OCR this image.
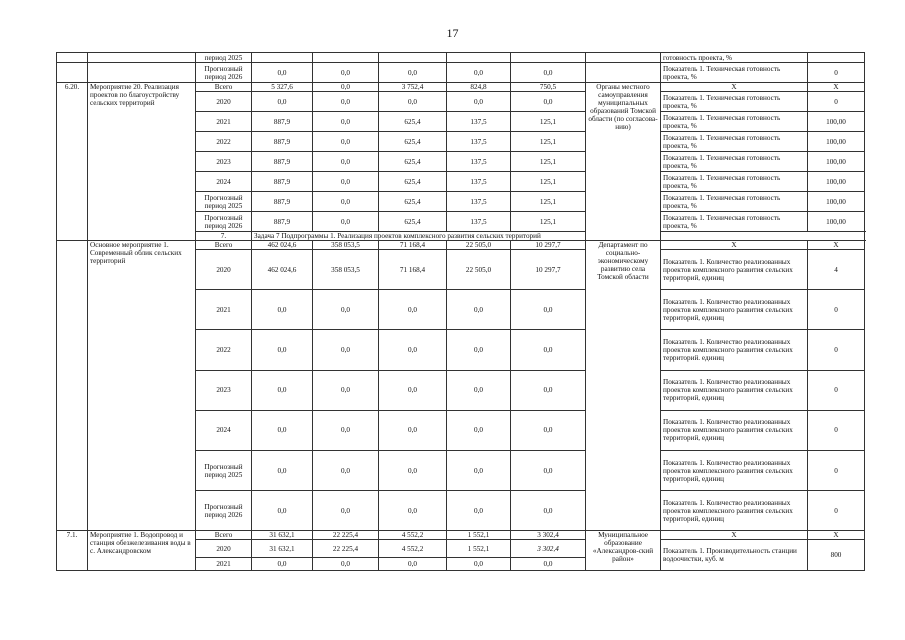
17
		период 2025							готовность проекта, %	
		Прогнозный период 2026	0,0	0,0	0,0	0,0	0,0		Показатель 1. Техническая готовность проекта, %	0
6.20.	Мероприятие 20. Реализация проектов по благоустройству сельских территорий	Всего	5 327,6	0,0	3 752,4	824,8	750,5	Органы местного самоуправления муниципальных образований Томской области (по согласова-нию)	X	X
		2020	0,0	0,0	0,0	0,0	0,0		Показатель 1. Техническая готовность проекта, %	0
		2021	887,9	0,0	625,4	137,5	125,1		Показатель 1. Техническая готовность проекта, %	100,00
		2022	887,9	0,0	625,4	137,5	125,1		Показатель 1. Техническая готовность проекта, %	100,00
		2023	887,9	0,0	625,4	137,5	125,1		Показатель 1. Техническая готовность проекта, %	100,00
		2024	887,9	0,0	625,4	137,5	125,1		Показатель 1. Техническая готовность проекта, %	100,00
		Прогнозный период 2025	887,9	0,0	625,4	137,5	125,1		Показатель 1. Техническая готовность проекта, %	100,00
		Прогнозный период 2026	887,9	0,0	625,4	137,5	125,1		Показатель 1. Техническая готовность проекта, %	100,00
		7.	Задача 7 Подпрограммы 1. Реализация проектов комплексного развития сельских территорий							
	Основное мероприятие 1. Современный облик сельских территорий	Всего	462 024,6	358 053,5	71 168,4	22 505,0	10 297,7	Департамент по социально-экономическому развитию села Томской области	X	X
		2020	462 024,6	358 053,5	71 168,4	22 505,0	10 297,7		Показатель 1. Количество реализованных проектов комплексного развития сельских территорий, единиц	4
		2021	0,0	0,0	0,0	0,0	0,0		Показатель 1. Количество реализованных проектов комплексного развития сельских территорий, единиц	0
		2022	0,0	0,0	0,0	0,0	0,0		Показатель 1. Количество реализованных проектов комплексного развития сельских территорий. единиц	0
		2023	0,0	0,0	0,0	0,0	0,0		Показатель 1. Количество реализованных проектов комплексного развития сельских территорий, единиц	0
		2024	0,0	0,0	0,0	0,0	0,0		Показатель 1. Количество реализованных проектов комплексного развития сельских территорий, единиц	0
		Прогнозный период 2025	0,0	0,0	0,0	0,0	0,0		Показатель 1. Количество реализованных проектов комплексного развития сельских территорий, единиц	0
		Прогнозный период 2026	0,0	0,0	0,0	0,0	0,0		Показатель 1. Количество реализованных проектов комплексного развития сельских территорий, единиц	0
7.1.	Мероприятие 1. Водопровод и станция обезжелезивания воды в с. Александровском	Всего	31 632,1	22 225,4	4 552,2	1 552,1	3 302,4	Муниципальное образование «Александров-ский район»	X	X
		2020	31 632,1	22 225,4	4 552,2	1 552,1	3 302,4		Показатель 1. Производительность станции водоочистки, куб. м	800
		2021	0,0	0,0	0,0	0,0	0,0			
